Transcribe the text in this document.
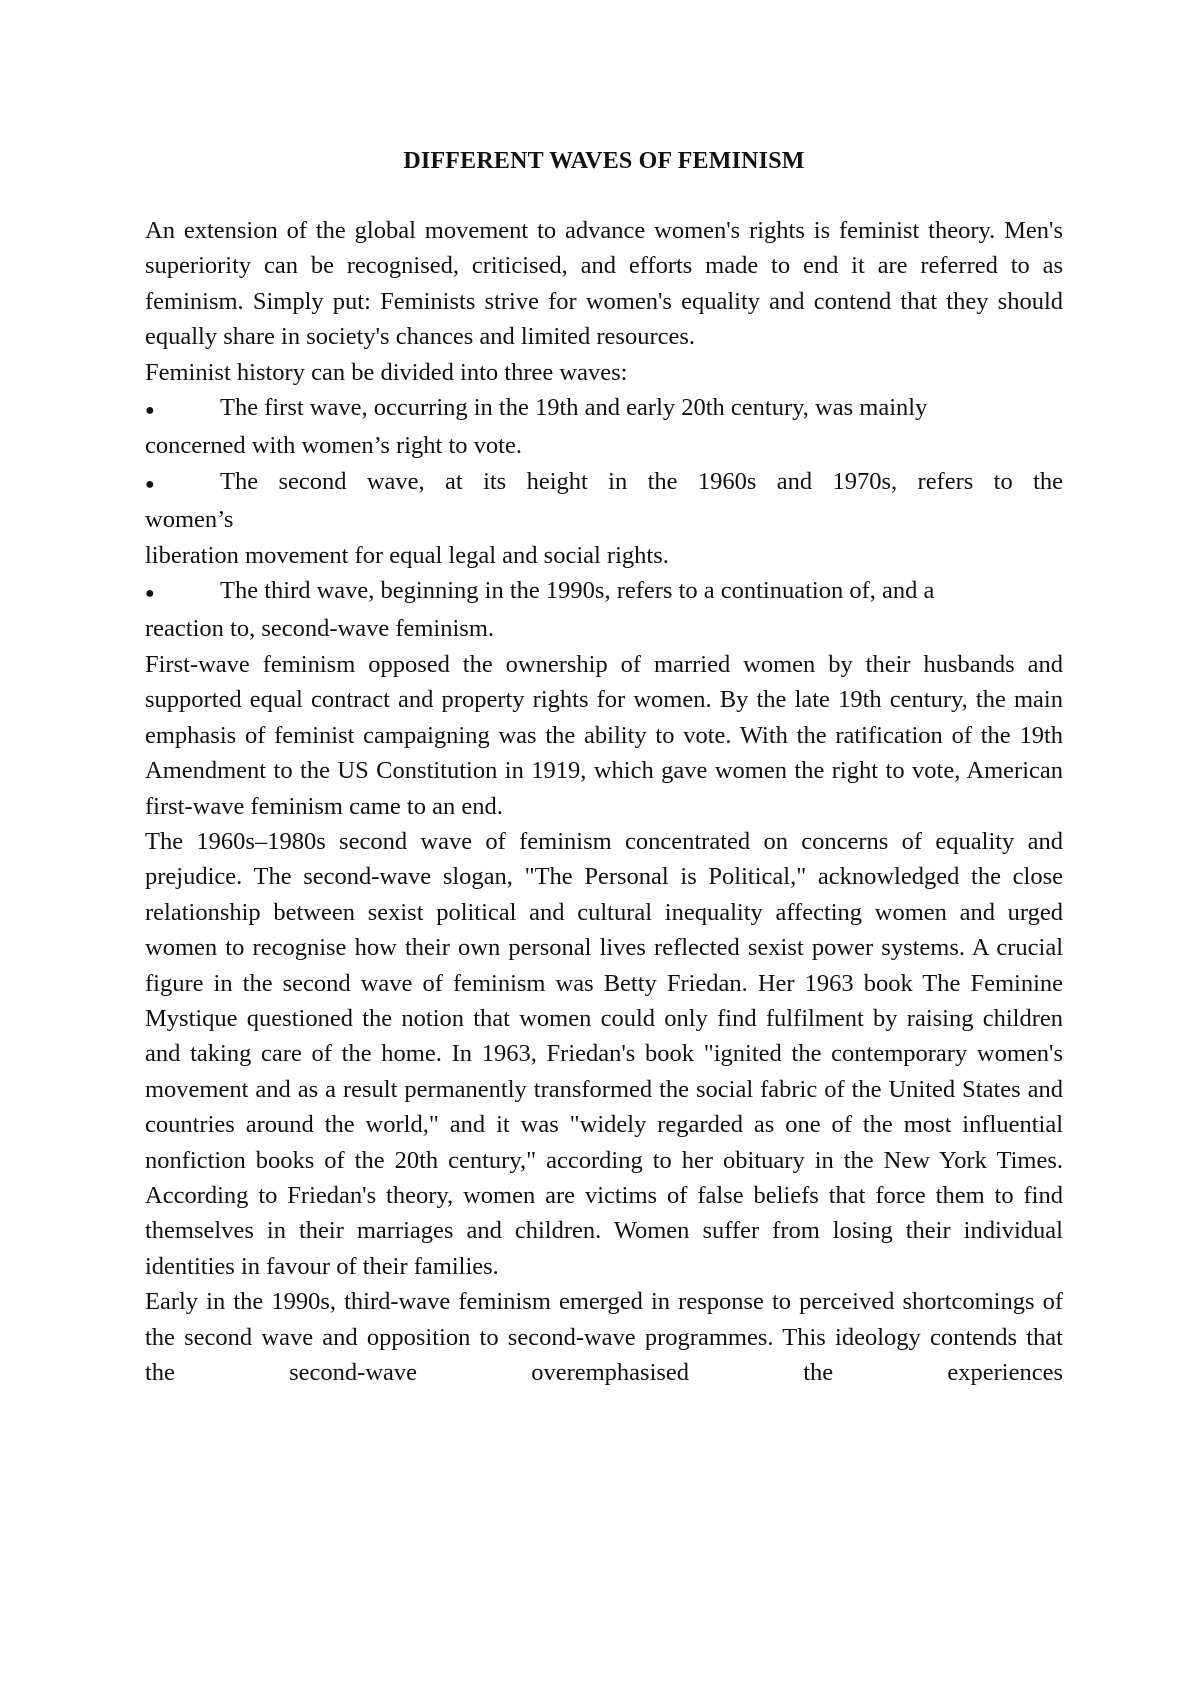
DIFFERENT WAVES OF FEMINISM

An extension of the global movement to advance women's rights is feminist theory. Men's superiority can be recognised, criticised, and efforts made to end it are referred to as feminism. Simply put: Feminists strive for women's equality and contend that they should equally share in society's chances and limited resources.

Feminist history can be divided into three waves:

●	The first wave, occurring in the 19th and early 20th century, was mainly

concerned with women’s right to vote.

●	The second wave, at its height in the 1960s and 1970s, refers to the

women’s

liberation movement for equal legal and social rights.

●	The third wave, beginning in the 1990s, refers to a continuation of, and a

reaction to, second-wave feminism.

First-wave feminism opposed the ownership of married women by their husbands and supported equal contract and property rights for women. By the late 19th century, the main emphasis of feminist campaigning was the ability to vote. With the ratification of the 19th Amendment to the US Constitution in 1919, which gave women the right to vote, American first-wave feminism came to an end.

The 1960s–1980s second wave of feminism concentrated on concerns of equality and prejudice. The second-wave slogan, "The Personal is Political," acknowledged the close relationship between sexist political and cultural inequality affecting women and urged women to recognise how their own personal lives reflected sexist power systems. A crucial figure in the second wave of feminism was Betty Friedan. Her 1963 book The Feminine Mystique questioned the notion that women could only find fulfilment by raising children and taking care of the home. In 1963, Friedan's book "ignited the contemporary women's movement and as a result permanently transformed the social fabric of the United States and countries around the world," and it was "widely regarded as one of the most influential nonfiction books of the 20th century," according to her obituary in the New York Times. According to Friedan's theory, women are victims of false beliefs that force them to find themselves in their marriages and children. Women suffer from losing their individual identities in favour of their families.

Early in the 1990s, third-wave feminism emerged in response to perceived shortcomings of the second wave and opposition to second-wave programmes. This ideology contends that the second-wave overemphasised the experiences
